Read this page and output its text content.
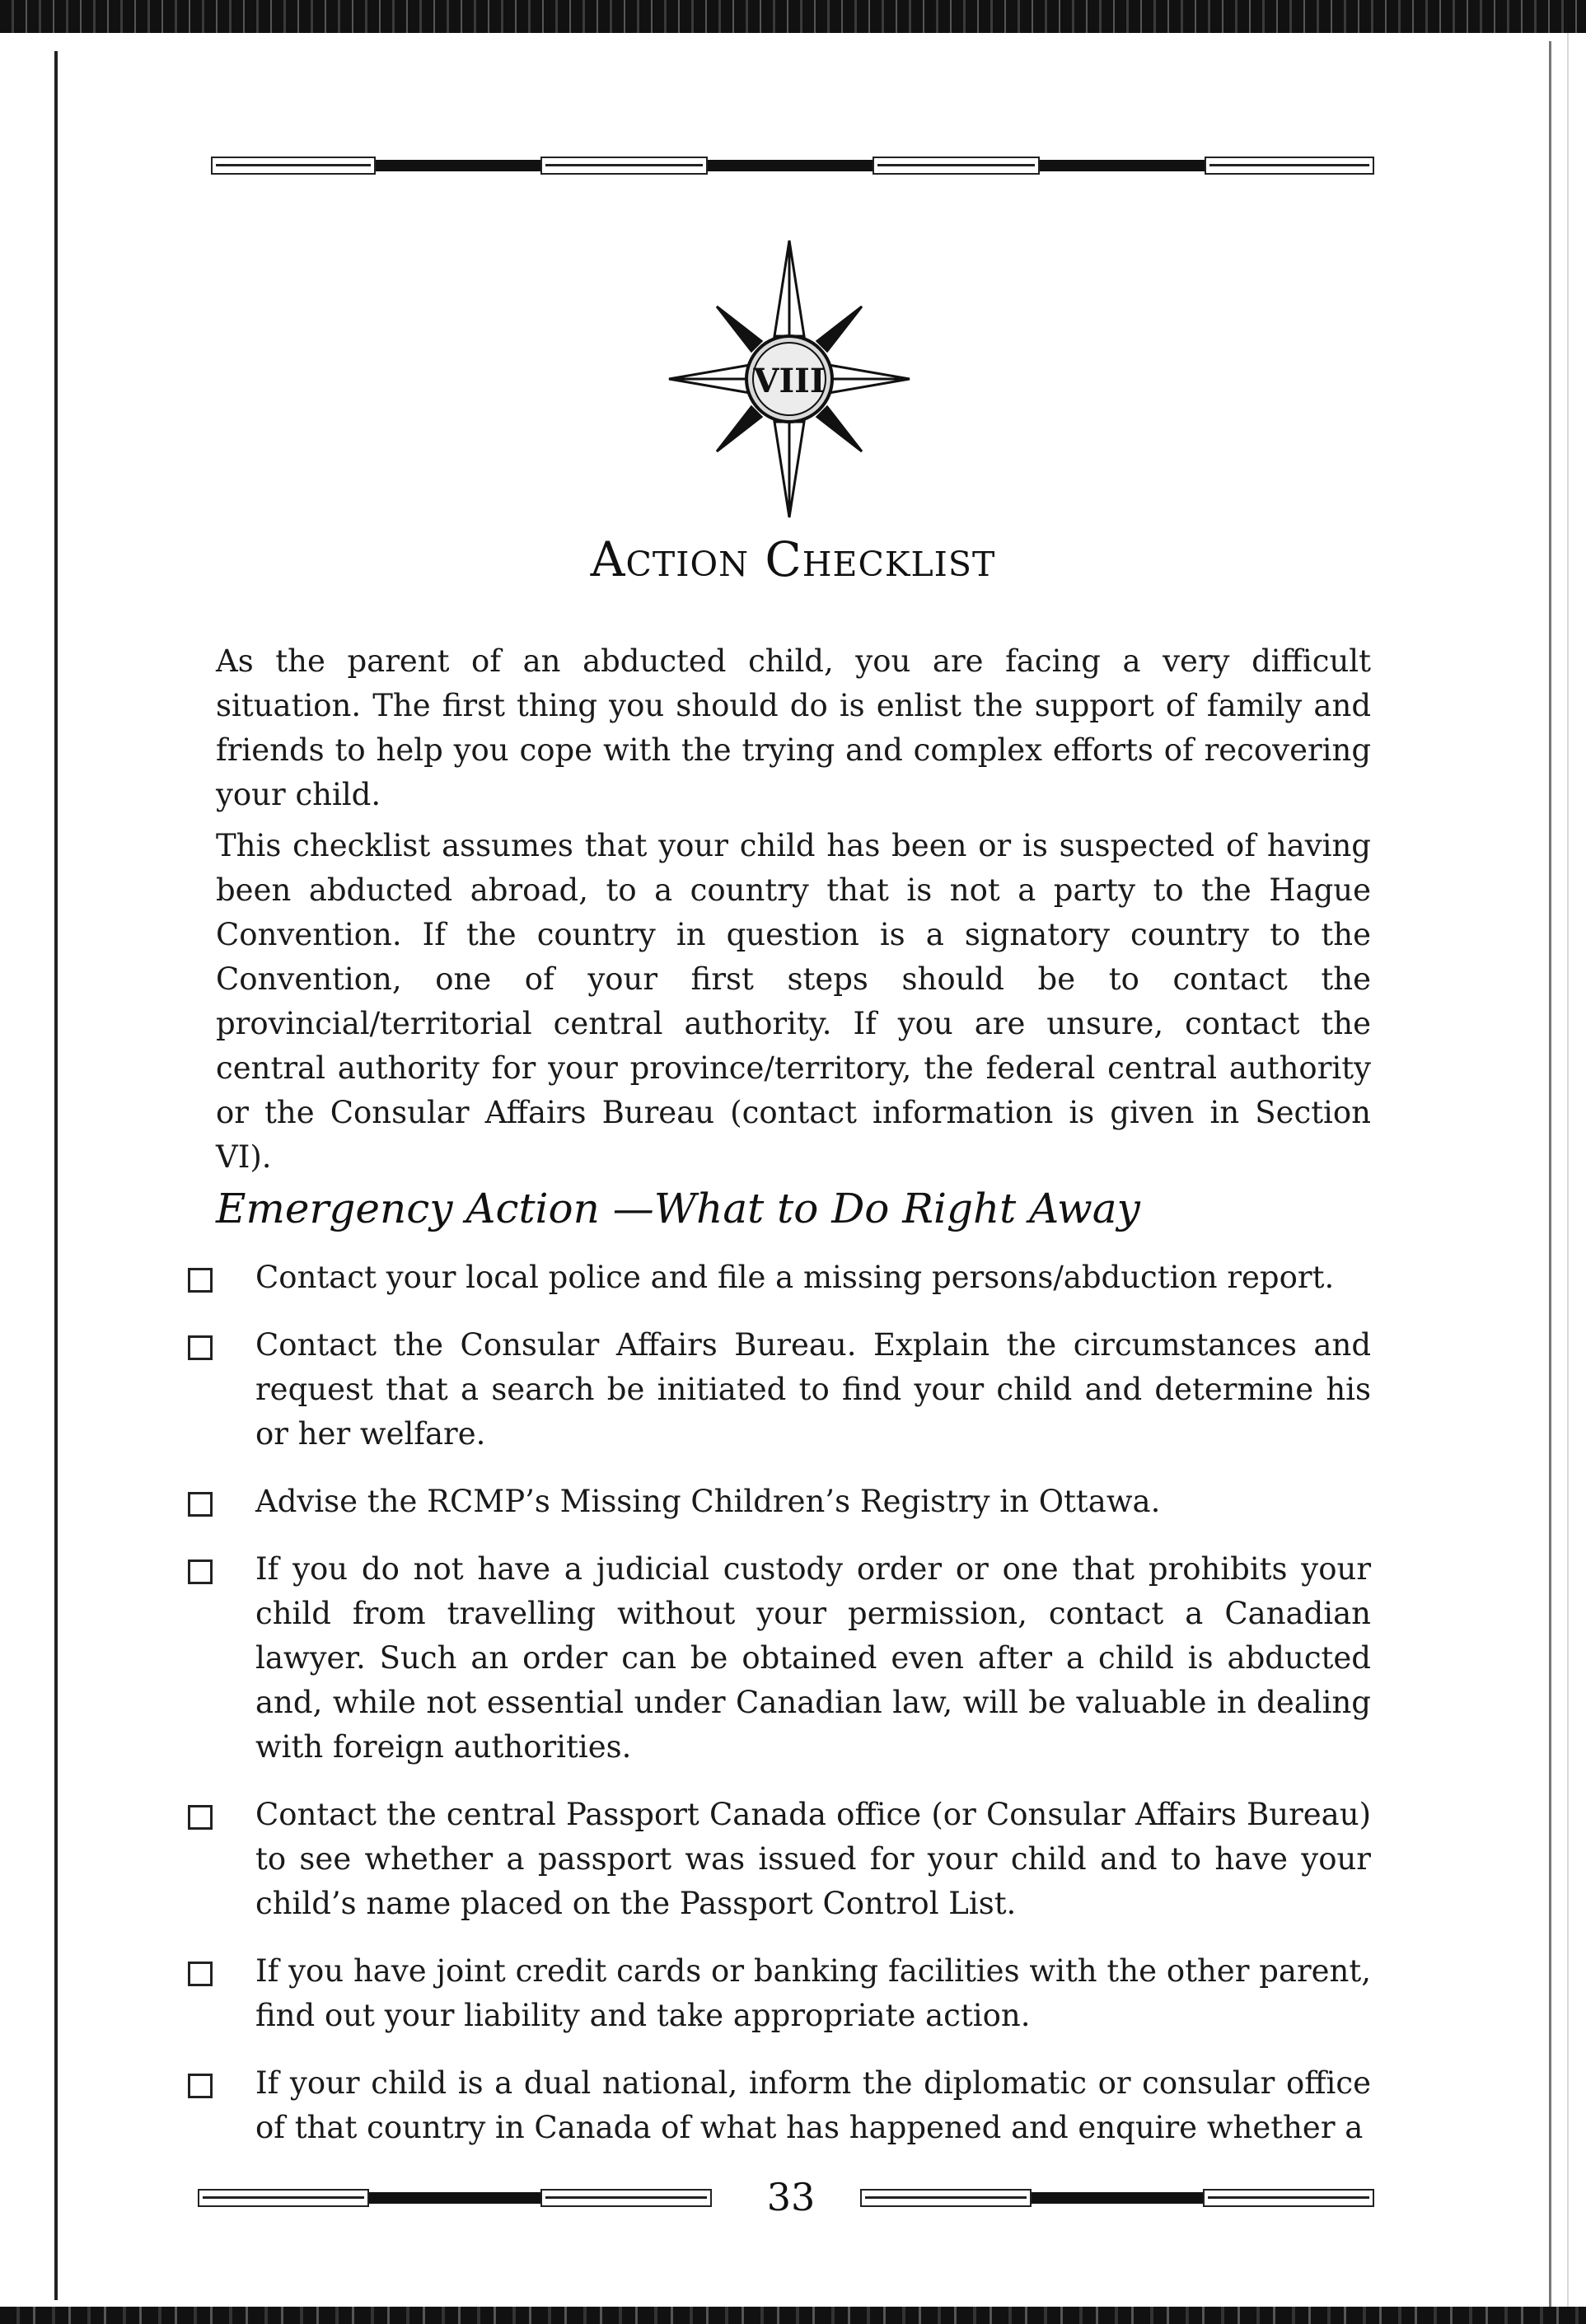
VIII
Action Checklist

As the parent of an abducted child, you are facing a very difficult situation. The first thing you should do is enlist the support of family and friends to help you cope with the trying and complex efforts of recovering your child.

This checklist assumes that your child has been or is suspected of having been abducted abroad, to a country that is not a party to the Hague Convention. If the country in question is a signatory country to the Convention, one of your first steps should be to contact the provincial/territorial central authority. If you are unsure, contact the central authority for your province/territory, the federal central authority or the Consular Affairs Bureau (contact information is given in Section VI).

Emergency Action —What to Do Right Away
Contact your local police and file a missing persons/abduction report.
Contact the Consular Affairs Bureau. Explain the circumstances and request that a search be initiated to find your child and determine his or her welfare.
Advise the RCMP’s Missing Children’s Registry in Ottawa.
If you do not have a judicial custody order or one that prohibits your child from travelling without your permission, contact a Canadian lawyer. Such an order can be obtained even after a child is abducted and, while not essential under Canadian law, will be valuable in dealing with foreign authorities.
Contact the central Passport Canada office (or Consular Affairs Bureau) to see whether a passport was issued for your child and to have your child’s name placed on the Passport Control List.
If you have joint credit cards or banking facilities with the other parent, find out your liability and take appropriate action.
If your child is a dual national, inform the diplomatic or consular office of that country in Canada of what has happened and enquire whether a
33
